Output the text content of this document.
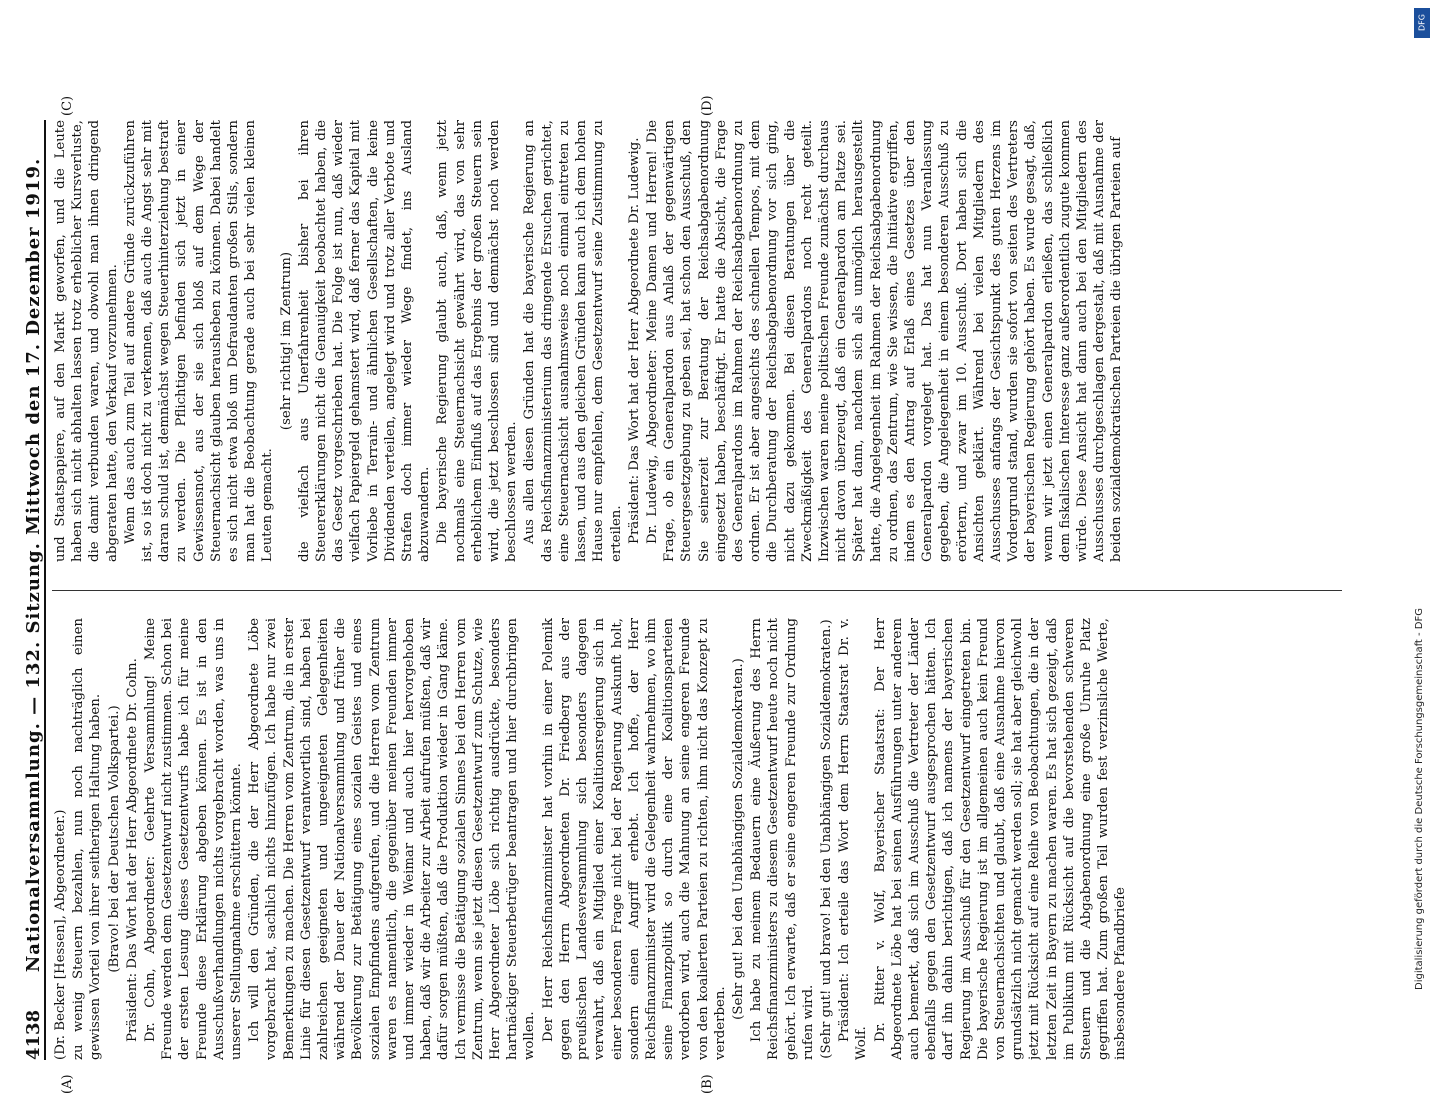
4138
Nationalversammlung. — 132. Sitzung. Mittwoch den 17. Dezember 1919. (Dr. Becker [Hessen], Abgeordneter.) zu wenig Steuern bezahlen, nun noch nachträglich einen gewissen Vorteil von ihrer seitherigen Haltung haben. (Bravo! bei der Deutschen Volkspartei.) Präsident: Das Wort hat der Herr Abgeordnete Dr. Cohn. Dr. Cohn, Abgeordneter: Geehrte Versammlung! Meine Freunde werden dem Gesetzentwurf nicht zustimmen. Schon bei der ersten Lesung dieses Gesetzentwurfs habe ich für meine Freunde diese Erklärung abgeben können. Es ist in den Ausschußverhandlungen nichts vorgebracht worden, was uns in unserer Stellungnahme erschüttern könnte. Ich will den Gründen, die der Herr Abgeordnete Löbe vorgebracht hat, sachlich nichts hinzufügen. Ich habe nur zwei Bemerkungen zu machen. Die Herren vom Zentrum, die in erster Linie für diesen Gesetzentwurf verantwortlich sind, haben bei zahlreichen geeigneten und ungeeigneten Gelegenheiten während der Dauer der Nationalversammlung und früher die Bevölkerung zur Betätigung eines sozialen Geistes und eines sozialen Empfindens aufgerufen, und die Herren vom Zentrum waren es namentlich, die gegenüber meinen Freunden immer und immer wieder in Weimar und auch hier hervorgehoben haben, daß wir die Arbeiter zur Arbeit aufrufen müßten, daß wir dafür sorgen müßten, daß die Produktion wieder in Gang käme. Ich vermisse die Betätigung sozialen Sinnes bei den Herren vom Zentrum, wenn sie jetzt diesen Gesetzentwurf zum Schutze, wie Herr Abgeordneter Löbe sich richtig ausdrückte, besonders hartnäckiger Steuerbetrüger beantragen und hier durchbringen wollen. Der Herr Reichsfinanzminister hat vorhin in einer Polemik gegen den Herrn Abgeordneten Dr. Friedberg aus der preußischen Landesversammlung sich besonders dagegen verwahrt, daß ein Mitglied einer Koalitionsregierung sich in einer besonderen Frage nicht bei der Regierung Auskunft holt, sondern einen Angriff erhebt. Ich hoffe, der Herr Reichsfinanzminister wird die Gelegenheit wahrnehmen, wo ihm seine Finanzpolitik so durch eine der Koalitionsparteien verdorben wird, auch die Mahnung an seine engeren Freunde von den koalierten Parteien zu richten, ihm nicht das Konzept zu verderben.

(Sehr gut! bei den Unabhängigen Sozialdemokraten.) Ich habe zu meinem Bedauern eine Äußerung des Herrn Reichsfinanzministers zu diesem Gesetzentwurf heute noch nicht gehört. Ich erwarte, daß er seine engeren Freunde zur Ordnung rufen wird. (Sehr gut! und bravo! bei den Unabhängigen Sozialdemokraten.) Präsident: Ich erteile das Wort dem Herrn Staatsrat Dr. v. Wolf.

Dr. Ritter v. Wolf, Bayerischer Staatsrat: Der Herr Abgeordnete Löbe hat bei seinen Ausführungen unter anderem auch bemerkt, daß sich im Ausschuß die Vertreter der Länder ebenfalls gegen den Gesetzentwurf ausgesprochen hätten. Ich darf ihn dahin berichtigen, daß ich namens der bayerischen Regierung im Ausschuß für den Gesetzentwurf eingetreten bin. Die bayerische Regierung ist im allgemeinen auch kein Freund von Steuernachsichten und glaubt, daß eine Ausnahme hiervon grundsätzlich nicht gemacht werden soll; sie hat aber gleichwohl jetzt mit Rücksicht auf eine Reihe von Beobachtungen, die in der letzten Zeit in Bayern zu machen waren. Es hat sich gezeigt, daß im Publikum mit Rücksicht auf die bevorstehenden schweren Steuern und die Abgabenordnung eine große Unruhe Platz gegriffen hat. Zum großen Teil wurden fest verzinsliche Werte, insbesondere Pfandbriefe

und Staatspapiere, auf den Markt geworfen, und die Leute haben sich nicht abhalten lassen trotz erheblicher Kursverluste, die damit verbunden waren, und obwohl man ihnen dringend abgeraten hatte, den Verkauf vorzunehmen. Wenn das auch zum Teil auf andere Gründe zurückzuführen ist, so ist doch nicht zu verkennen, daß auch die Angst sehr mit daran schuld ist, demnächst wegen Steuerhinterziehung bestraft zu werden. Die Pflichtigen befinden sich jetzt in einer Gewissensnot, aus der sie sich bloß auf dem Wege der Steuernachsicht glauben herausheben zu können. Dabei handelt es sich nicht etwa bloß um Defraudanten großen Stils, sondern man hat die Beobachtung gerade auch bei sehr vielen kleinen Leuten gemacht.

(sehr richtig! im Zentrum) die vielfach aus Unerfahrenheit bisher bei ihren Steuererklärungen nicht die Genauigkeit beobachtet haben, die das Gesetz vorgeschrieben hat. Die Folge ist nun, daß wieder vielfach Papiergeld gehamstert wird, daß ferner das Kapital mit Vorliebe in Terrain- und ähnlichen Gesellschaften, die keine Dividenden verteilen, angelegt wird und trotz aller Verbote und Strafen doch immer wieder Wege findet, ins Ausland abzuwandern. Die bayerische Regierung glaubt auch, daß, wenn jetzt nochmals eine Steuernachsicht gewährt wird, das von sehr erheblichem Einfluß auf das Ergebnis der großen Steuern sein wird, die jetzt beschlossen sind und demnächst noch werden beschlossen werden. Aus allen diesen Gründen hat die bayerische Regierung an das Reichsfinanzministerium das dringende Ersuchen gerichtet, eine Steuernachsicht ausnahmsweise noch einmal eintreten zu lassen, und aus den gleichen Gründen kann auch ich dem hohen Hause nur empfehlen, dem Gesetzentwurf seine Zustimmung zu erteilen. Präsident: Das Wort hat der Herr Abgeordnete Dr. Ludewig. Dr. Ludewig, Abgeordneter: Meine Damen und Herren! Die Frage, ob ein Generalpardon aus Anlaß der gegenwärtigen Steuergesetzgebung zu geben sei, hat schon den Ausschuß, den Sie seinerzeit zur Beratung der Reichsabgabenordnung eingesetzt haben, beschäftigt. Er hatte die Absicht, die Frage des Generalpardons im Rahmen der Reichsabgabenordnung zu ordnen. Er ist aber angesichts des schnellen Tempos, mit dem die Durchberatung der Reichsabgabenordnung vor sich ging, nicht dazu gekommen. Bei diesen Beratungen über die Zweckmäßigkeit des Generalpardons noch recht geteilt. Inzwischen waren meine politischen Freunde zunächst durchaus nicht davon überzeugt, daß ein Generalpardon am Platze sei. Später hat dann, nachdem sich als unmöglich herausgestellt hatte, die Angelegenheit im Rahmen der Reichsabgabenordnung zu ordnen, das Zentrum, wie Sie wissen, die Initiative ergriffen, indem es den Antrag auf Erlaß eines Gesetzes über den Generalpardon vorgelegt hat. Das hat nun Veranlassung gegeben, die Angelegenheit in einem besonderen Ausschuß zu erörtern, und zwar im 10. Ausschuß. Dort haben sich die Ansichten geklärt. Während bei vielen Mitgliedern des Ausschusses anfangs der Gesichtspunkt des guten Herzens im Vordergrund stand, wurden sie sofort von seiten des Vertreters der bayerischen Regierung gehört haben. Es wurde gesagt, daß, wenn wir jetzt einen Generalpardon erließen, das schließlich dem fiskalischen Interesse ganz außerordentlich zugute kommen würde. Diese Ansicht hat dann auch bei den Mitgliedern des Ausschusses durchgeschlagen dergestalt, daß mit Ausnahme der beiden sozialdemokratischen Parteien die übrigen Parteien auf

(A)	(B)
(C)	(D)
Digitalisierung gefördert durch die Deutsche Forschungsgemeinschaft - DFG
DFG
